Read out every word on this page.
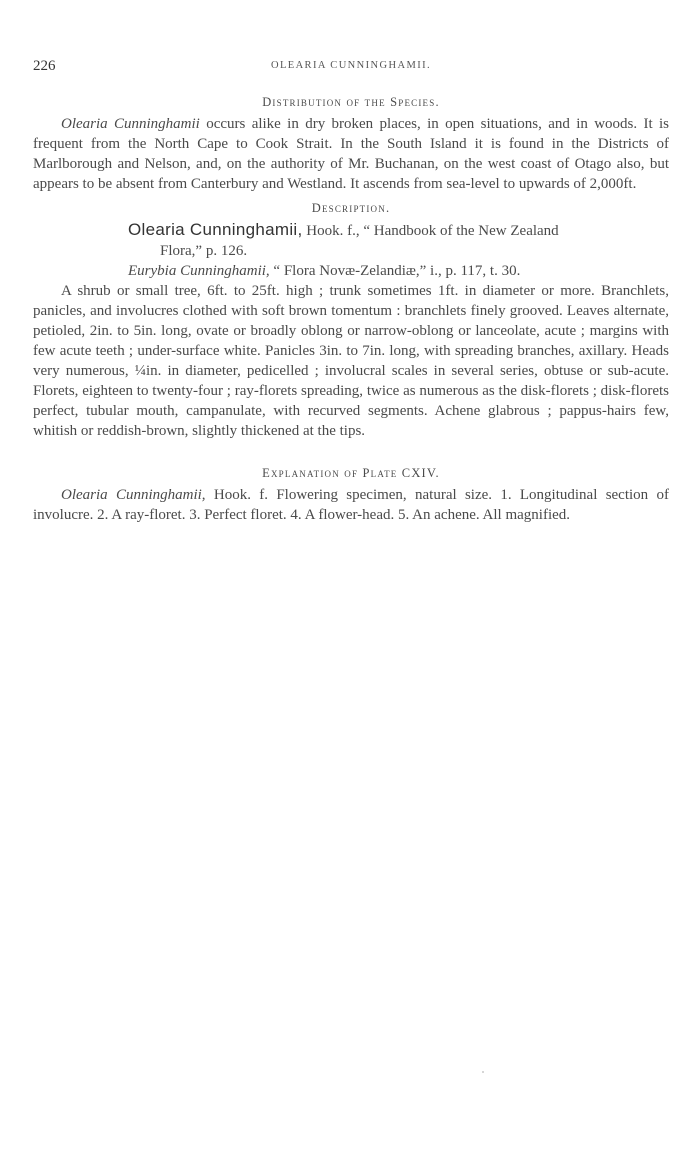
226	OLEARIA CUNNINGHAMII.
Distribution of the Species.

Olearia Cunninghamii occurs alike in dry broken places, in open situations, and in woods. It is frequent from the North Cape to Cook Strait. In the South Island it is found in the Districts of Marlborough and Nelson, and, on the authority of Mr. Buchanan, on the west coast of Otago also, but appears to be absent from Canterbury and Westland. It ascends from sea-level to upwards of 2,000ft.

Description.

Olearia Cunninghamii, Hook. f., “ Handbook of the New Zealand

Flora,” p. 126.

Eurybia Cunninghamii, “ Flora Novæ-Zelandiæ,” i., p. 117, t. 30.

A shrub or small tree, 6ft. to 25ft. high ; trunk sometimes 1ft. in diameter or more. Branchlets, panicles, and involucres clothed with soft brown tomentum : branchlets finely grooved. Leaves alternate, petioled, 2in. to 5in. long, ovate or broadly oblong or narrow-oblong or lanceolate, acute ; margins with few acute teeth ; under-surface white. Panicles 3in. to 7in. long, with spreading branches, axillary. Heads very numerous, ¼in. in diameter, pedicelled ; involucral scales in several series, obtuse or sub-acute. Florets, eighteen to twenty-four ; ray-florets spreading, twice as numerous as the disk-florets ; disk-florets perfect, tubular mouth, campanulate, with recurved segments. Achene glabrous ; pappus-hairs few, whitish or reddish-brown, slightly thickened at the tips.

Explanation of Plate CXIV.

Olearia Cunninghamii, Hook. f. Flowering specimen, natural size. 1. Longitudinal section of involucre. 2. A ray-floret. 3. Perfect floret. 4. A flower-head. 5. An achene. All magnified.
